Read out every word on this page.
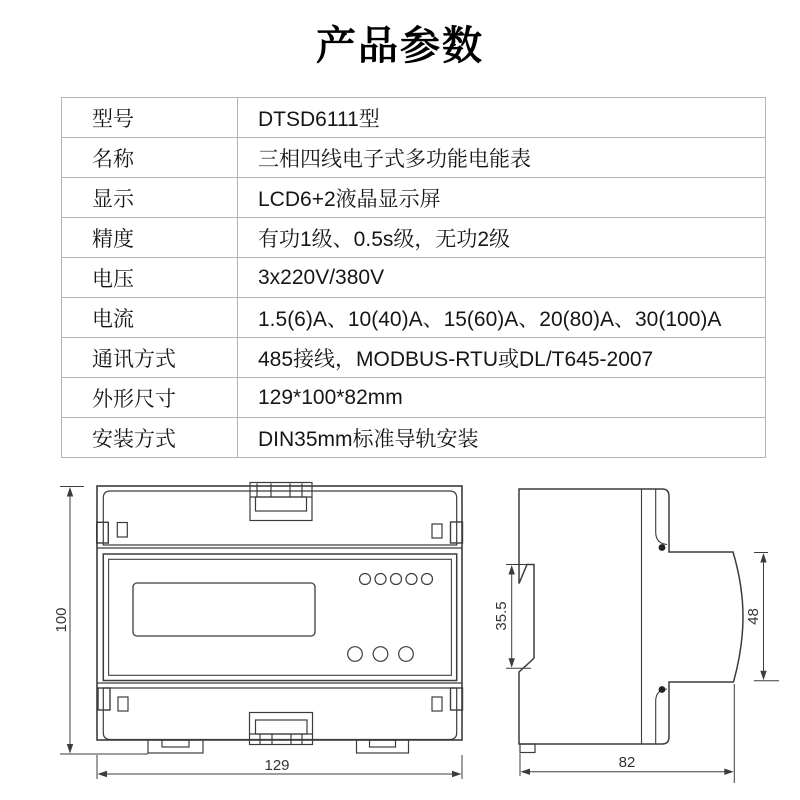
产品参数
型号	DTSD6111型
名称	三相四线电子式多功能电能表
显示	LCD6+2液晶显示屏
精度	有功1级、0.5s级，无功2级
电压	3x220V/380V
电流	1.5(6)A、10(40)A、15(60)A、20(80)A、30(100)A
通讯方式	485接线，MODBUS-RTU或DL/T645-2007
外形尺寸	129*100*82mm
安装方式	DIN35mm标准导轨安装
100
129
35.5	48
82
